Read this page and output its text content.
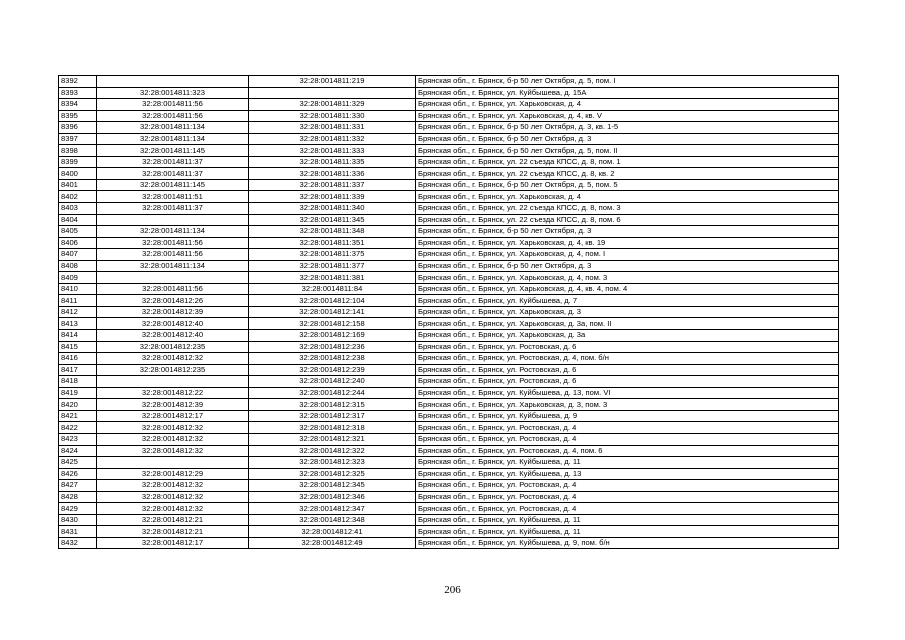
8392		32:28:0014811:219	Брянская обл., г. Брянск, б-р 50 лет Октября, д. 5, пом. I
8393	32:28:0014811:323		Брянская обл., г. Брянск, ул. Куйбышева, д. 15А
8394	32:28:0014811:56	32:28:0014811:329	Брянская обл., г. Брянск, ул. Харьковская, д. 4
8395	32:28:0014811:56	32:28:0014811:330	Брянская обл., г. Брянск, ул. Харьковская, д. 4, кв. V
8396	32:28:0014811:134	32:28:0014811:331	Брянская обл., г. Брянск, б-р 50 лет Октября, д. 3, кв. 1-5
8397	32:28:0014811:134	32:28:0014811:332	Брянская обл., г. Брянск, б-р 50 лет Октября, д. 3
8398	32:28:0014811:145	32:28:0014811:333	Брянская обл., г. Брянск, б-р 50 лет Октября, д. 5, пом. II
8399	32:28:0014811:37	32:28:0014811:335	Брянская обл., г. Брянск, ул. 22 съезда КПСС, д. 8, пом. 1
8400	32:28:0014811:37	32:28:0014811:336	Брянская обл., г. Брянск, ул. 22 съезда КПСС, д. 8, кв. 2
8401	32:28:0014811:145	32:28:0014811:337	Брянская обл., г. Брянск, б-р 50 лет Октября, д. 5, пом. 5
8402	32:28:0014811:51	32:28:0014811:339	Брянская обл., г. Брянск, ул. Харьковская, д. 4
8403	32:28:0014811:37	32:28:0014811:340	Брянская обл., г. Брянск, ул. 22 съезда КПСС, д. 8, пом. 3
8404		32:28:0014811:345	Брянская обл., г. Брянск, ул. 22 съезда КПСС, д. 8, пом. 6
8405	32:28:0014811:134	32:28:0014811:348	Брянская обл., г. Брянск, б-р 50 лет Октября, д. 3
8406	32:28:0014811:56	32:28:0014811:351	Брянская обл., г. Брянск, ул. Харьковская, д. 4, кв. 19
8407	32:28:0014811:56	32:28:0014811:375	Брянская обл., г. Брянск, ул. Харьковская, д. 4, пом. I
8408	32:28:0014811:134	32:28:0014811:377	Брянская обл., г. Брянск, б-р 50 лет Октября, д. 3
8409		32:28:0014811:381	Брянская обл., г. Брянск, ул. Харьковская, д. 4, пом. 3
8410	32:28:0014811:56	32:28:0014811:84	Брянская обл., г. Брянск, ул. Харьковская, д. 4, кв. 4, пом. 4
8411	32:28:0014812:26	32:28:0014812:104	Брянская обл., г. Брянск, ул. Куйбышева, д. 7
8412	32:28:0014812:39	32:28:0014812:141	Брянская обл., г. Брянск, ул. Харьковская, д. 3
8413	32:28:0014812:40	32:28:0014812:158	Брянская обл., г. Брянск, ул. Харьковская, д. 3а, пом. II
8414	32:28:0014812:40	32:28:0014812:169	Брянская обл., г. Брянск, ул. Харьковская, д. 3а
8415	32:28:0014812:235	32:28:0014812:236	Брянская обл., г. Брянск, ул. Ростовская, д. 6
8416	32:28:0014812:32	32:28:0014812:238	Брянская обл., г. Брянск, ул. Ростовская, д. 4, пом. б/н
8417	32:28:0014812:235	32:28:0014812:239	Брянская обл., г. Брянск, ул. Ростовская, д. 6
8418		32:28:0014812:240	Брянская обл., г. Брянск, ул. Ростовская, д. 6
8419	32:28:0014812:22	32:28:0014812:244	Брянская обл., г. Брянск, ул. Куйбышева, д. 13, пом. VI
8420	32:28:0014812:39	32:28:0014812:315	Брянская обл., г. Брянск, ул. Харьковская, д. 3, пом. 3
8421	32:28:0014812:17	32:28:0014812:317	Брянская обл., г. Брянск, ул. Куйбышева, д. 9
8422	32:28:0014812:32	32:28:0014812:318	Брянская обл., г. Брянск, ул. Ростовская, д. 4
8423	32:28:0014812:32	32:28:0014812:321	Брянская обл., г. Брянск, ул. Ростовская, д. 4
8424	32:28:0014812:32	32:28:0014812:322	Брянская обл., г. Брянск, ул. Ростовская, д. 4, пом. 6
8425		32:28:0014812:323	Брянская обл., г. Брянск, ул. Куйбышева, д. 11
8426	32:28:0014812:29	32:28:0014812:325	Брянская обл., г. Брянск, ул. Куйбышева, д. 13
8427	32:28:0014812:32	32:28:0014812:345	Брянская обл., г. Брянск, ул. Ростовская, д. 4
8428	32:28:0014812:32	32:28:0014812:346	Брянская обл., г. Брянск, ул. Ростовская, д. 4
8429	32:28:0014812:32	32:28:0014812:347	Брянская обл., г. Брянск, ул. Ростовская, д. 4
8430	32:28:0014812:21	32:28:0014812:348	Брянская обл., г. Брянск, ул. Куйбышева, д. 11
8431	32:28:0014812:21	32:28:0014812:41	Брянская обл., г. Брянск, ул. Куйбышева, д. 11
8432	32:28:0014812:17	32:28:0014812:49	Брянская обл., г. Брянск, ул. Куйбышева, д. 9, пом. б/н
206
